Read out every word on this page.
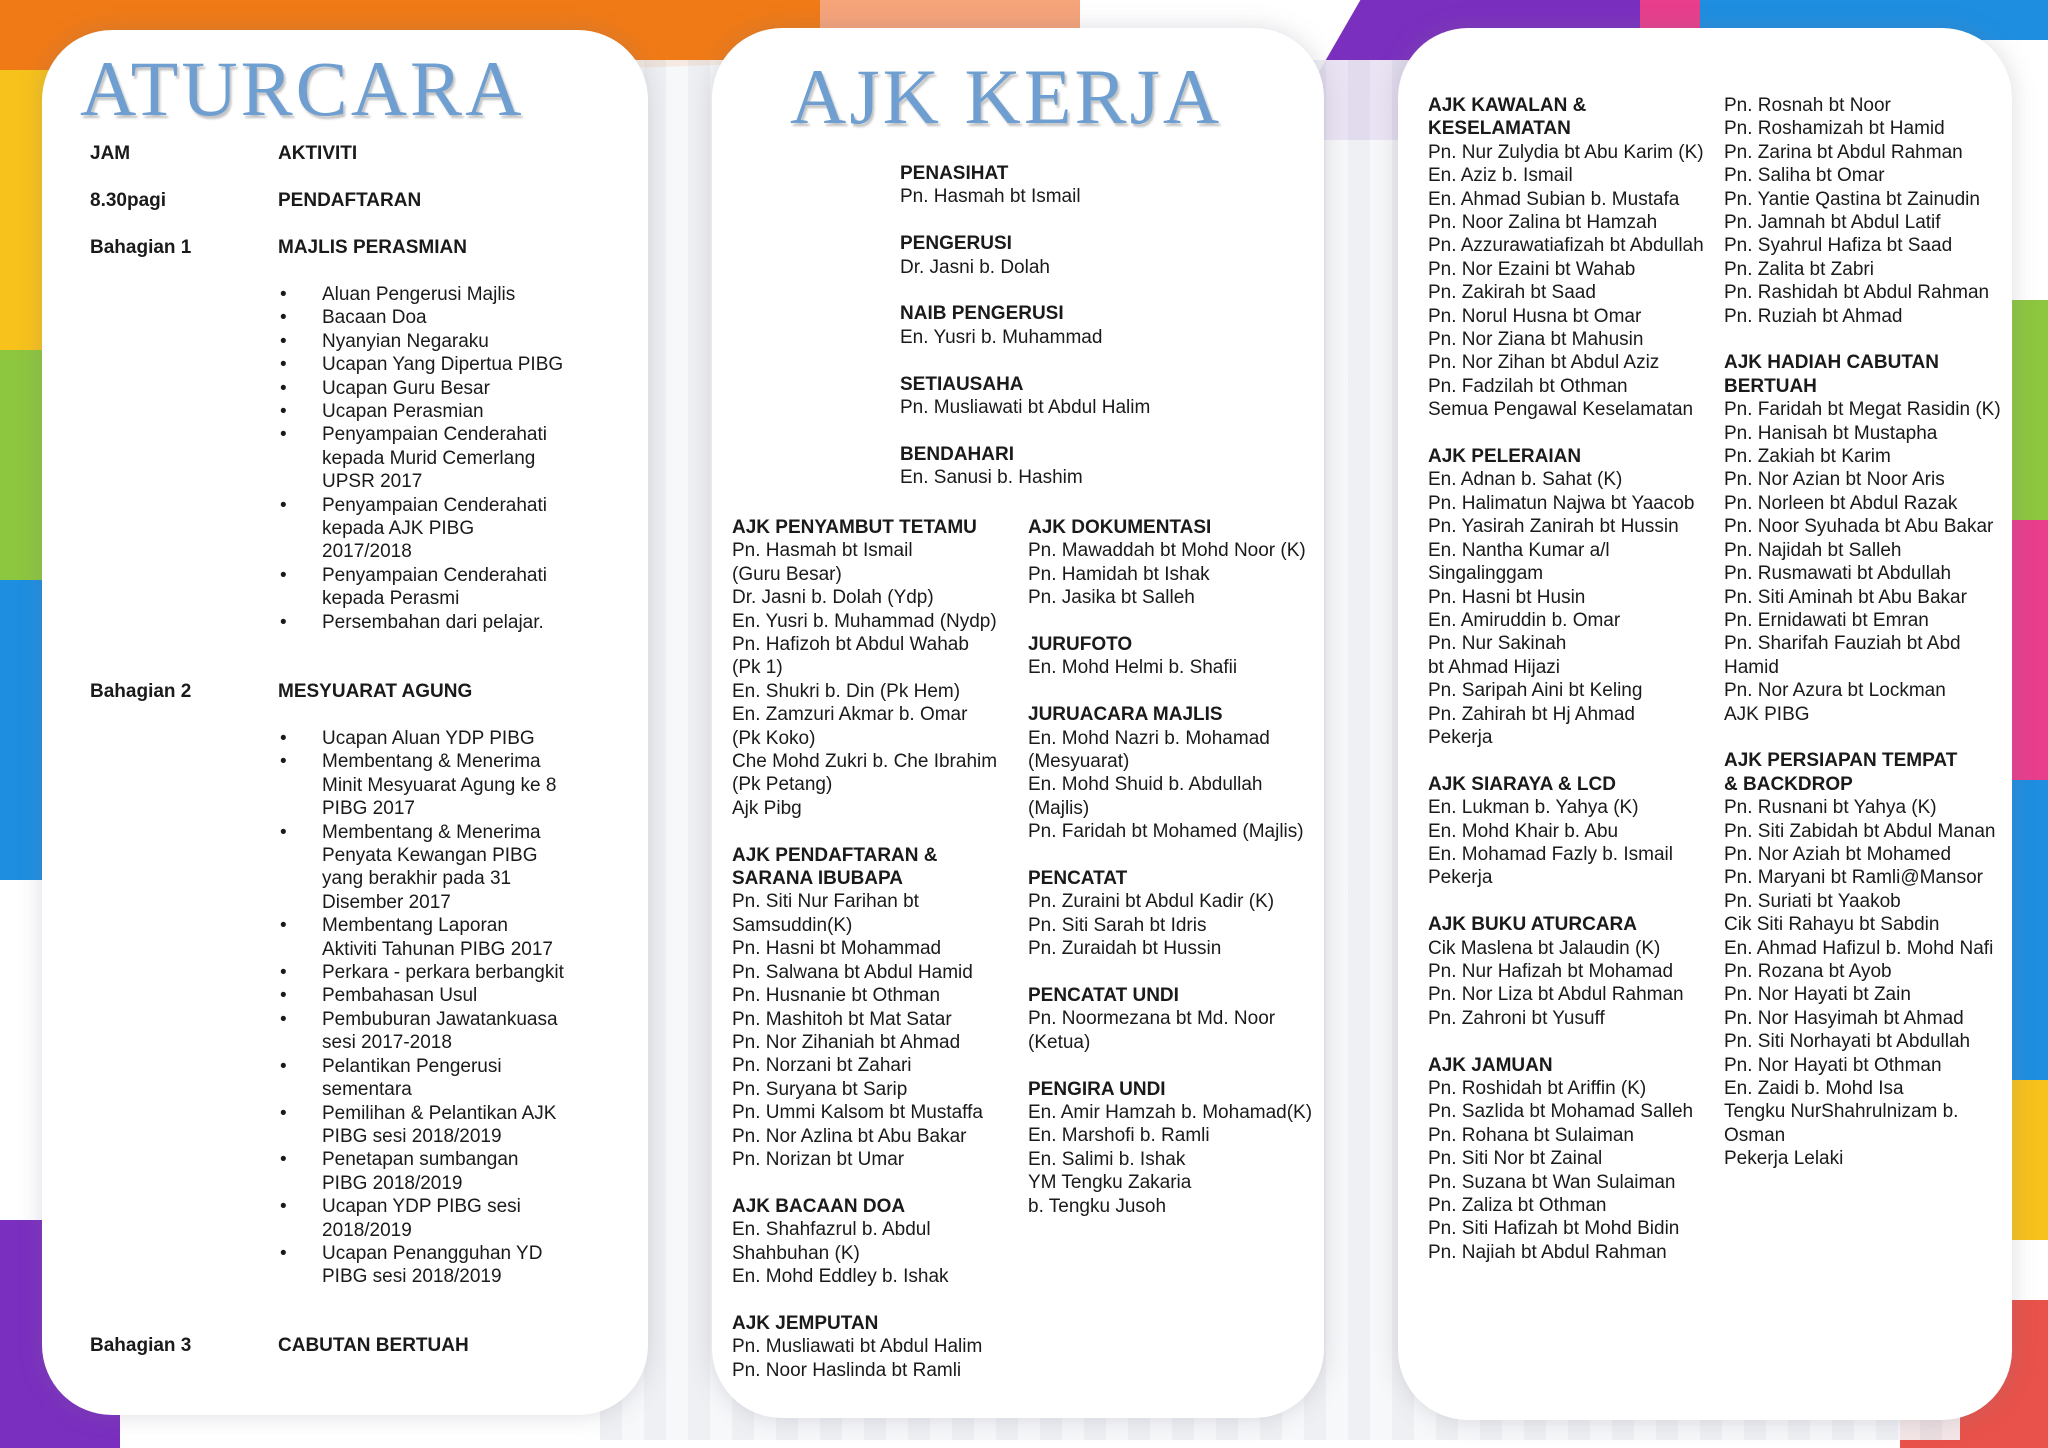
ATURCARA
JAM	AKTIVITI
8.30pagi	PENDAFTARAN
Bahagian 1	MAJLIS PERASMIAN
• Aluan Pengerusi Majlis
• Bacaan Doa
• Nyanyian Negaraku
• Ucapan Yang Dipertua PIBG
• Ucapan Guru Besar
• Ucapan Perasmian
• Penyampaian Cenderahati kepada Murid Cemerlang UPSR 2017
• Penyampaian Cenderahati kepada AJK PIBG 2017/2018
• Penyampaian Cenderahati kepada Perasmi
• Persembahan dari pelajar.
Bahagian 2	MESYUARAT AGUNG
• Ucapan Aluan YDP PIBG
• Membentang & Menerima Minit Mesyuarat Agung ke 8 PIBG 2017
• Membentang & Menerima Penyata Kewangan PIBG yang berakhir pada 31 Disember 2017
• Membentang Laporan Aktiviti Tahunan PIBG 2017
• Perkara - perkara berbangkit
• Pembahasan Usul
• Pembuburan Jawatankuasa sesi 2017-2018
• Pelantikan Pengerusi sementara
• Pemilihan & Pelantikan AJK PIBG sesi 2018/2019
• Penetapan sumbangan PIBG 2018/2019
• Ucapan YDP PIBG sesi 2018/2019
• Ucapan Penangguhan YD PIBG sesi 2018/2019
Bahagian 3	CABUTAN BERTUAH
AJK KERJA

PENASIHAT

Pn. Hasmah bt Ismail

PENGERUSI

Dr. Jasni b. Dolah

NAIB PENGERUSI

En. Yusri b. Muhammad

SETIAUSAHA

Pn. Musliawati bt Abdul Halim

BENDAHARI

En. Sanusi b. Hashim

AJK PENYAMBUT TETAMU

Pn. Hasmah bt Ismail

(Guru Besar)

Dr. Jasni b. Dolah (Ydp)

En. Yusri b. Muhammad (Nydp)

Pn. Hafizoh bt Abdul Wahab

(Pk 1)

En. Shukri b. Din (Pk Hem)

En. Zamzuri Akmar b. Omar

(Pk Koko)

Che Mohd Zukri b. Che Ibrahim

(Pk Petang)

Ajk Pibg

AJK PENDAFTARAN &

SARANA IBUBAPA

Pn. Siti Nur Farihan bt

Samsuddin(K)

Pn. Hasni bt Mohammad

Pn. Salwana bt Abdul Hamid

Pn. Husnanie bt Othman

Pn. Mashitoh bt Mat Satar

Pn. Nor Zihaniah bt Ahmad

Pn. Norzani bt Zahari

Pn. Suryana bt Sarip

Pn. Ummi Kalsom bt Mustaffa

Pn. Nor Azlina bt Abu Bakar

Pn. Norizan bt Umar

AJK BACAAN DOA

En. Shahfazrul b. Abdul

Shahbuhan (K)

En. Mohd Eddley b. Ishak

AJK JEMPUTAN

Pn. Musliawati bt Abdul Halim

Pn. Noor Haslinda bt Ramli

AJK DOKUMENTASI

Pn. Mawaddah bt Mohd Noor (K)

Pn. Hamidah bt Ishak

Pn. Jasika bt Salleh

JURUFOTO

En. Mohd Helmi b. Shafii

JURUACARA MAJLIS

En. Mohd Nazri b. Mohamad

(Mesyuarat)

En. Mohd Shuid b. Abdullah

(Majlis)

Pn. Faridah bt Mohamed (Majlis)

PENCATAT

Pn. Zuraini bt Abdul Kadir (K)

Pn. Siti Sarah bt Idris

Pn. Zuraidah bt Hussin

PENCATAT UNDI

Pn. Noormezana bt Md. Noor

(Ketua)

PENGIRA UNDI

En. Amir Hamzah b. Mohamad(K)

En. Marshofi b. Ramli

En. Salimi b. Ishak

YM Tengku Zakaria

b. Tengku Jusoh

AJK KAWALAN &

KESELAMATAN

Pn. Nur Zulydia bt Abu Karim (K)

En. Aziz b. Ismail

En. Ahmad Subian b. Mustafa

Pn. Noor Zalina bt Hamzah

Pn. Azzurawatiafizah bt Abdullah

Pn. Nor Ezaini bt Wahab

Pn. Zakirah bt Saad

Pn. Norul Husna bt Omar

Pn. Nor Ziana bt Mahusin

Pn. Nor Zihan bt Abdul Aziz

Pn. Fadzilah bt Othman

Semua Pengawal Keselamatan

AJK PELERAIAN

En. Adnan b. Sahat (K)

Pn. Halimatun Najwa bt Yaacob

Pn. Yasirah Zanirah bt Hussin

En. Nantha Kumar a/l

Singalinggam

Pn. Hasni bt Husin

En. Amiruddin b. Omar

Pn. Nur Sakinah

bt Ahmad Hijazi

Pn. Saripah Aini bt Keling

Pn. Zahirah bt Hj Ahmad

Pekerja

AJK SIARAYA & LCD

En. Lukman b. Yahya (K)

En. Mohd Khair b. Abu

En. Mohamad Fazly b. Ismail

Pekerja

AJK BUKU ATURCARA

Cik Maslena bt Jalaudin (K)

Pn. Nur Hafizah bt Mohamad

Pn. Nor Liza bt Abdul Rahman

Pn. Zahroni bt Yusuff

AJK JAMUAN

Pn. Roshidah bt Ariffin (K)

Pn. Sazlida bt Mohamad Salleh

Pn. Rohana bt Sulaiman

Pn. Siti Nor bt Zainal

Pn. Suzana bt Wan Sulaiman

Pn. Zaliza bt Othman

Pn. Siti Hafizah bt Mohd Bidin

Pn. Najiah bt Abdul Rahman

Pn. Rosnah bt Noor

Pn. Roshamizah bt Hamid

Pn. Zarina bt Abdul Rahman

Pn. Saliha bt Omar

Pn. Yantie Qastina bt Zainudin

Pn. Jamnah bt Abdul Latif

Pn. Syahrul Hafiza bt Saad

Pn. Zalita bt Zabri

Pn. Rashidah bt Abdul Rahman

Pn. Ruziah bt Ahmad

AJK HADIAH CABUTAN

BERTUAH

Pn. Faridah bt Megat Rasidin (K)

Pn. Hanisah bt Mustapha

Pn. Zakiah bt Karim

Pn. Nor Azian bt Noor Aris

Pn. Norleen bt Abdul Razak

Pn. Noor Syuhada bt Abu Bakar

Pn. Najidah bt Salleh

Pn. Rusmawati bt Abdullah

Pn. Siti Aminah bt Abu Bakar

Pn. Ernidawati bt Emran

Pn. Sharifah Fauziah bt Abd

Hamid

Pn. Nor Azura bt Lockman

AJK PIBG

AJK PERSIAPAN TEMPAT

& BACKDROP

Pn. Rusnani bt Yahya (K)

Pn. Siti Zabidah bt Abdul Manan

Pn. Nor Aziah bt Mohamed

Pn. Maryani bt Ramli@Mansor

Pn. Suriati bt Yaakob

Cik Siti Rahayu bt Sabdin

En. Ahmad Hafizul b. Mohd Nafi

Pn. Rozana bt Ayob

Pn. Nor Hayati bt Zain

Pn. Nor Hasyimah bt Ahmad

Pn. Siti Norhayati bt Abdullah

Pn. Nor Hayati bt Othman

En. Zaidi b. Mohd Isa

Tengku NurShahrulnizam b.

Osman

Pekerja Lelaki
